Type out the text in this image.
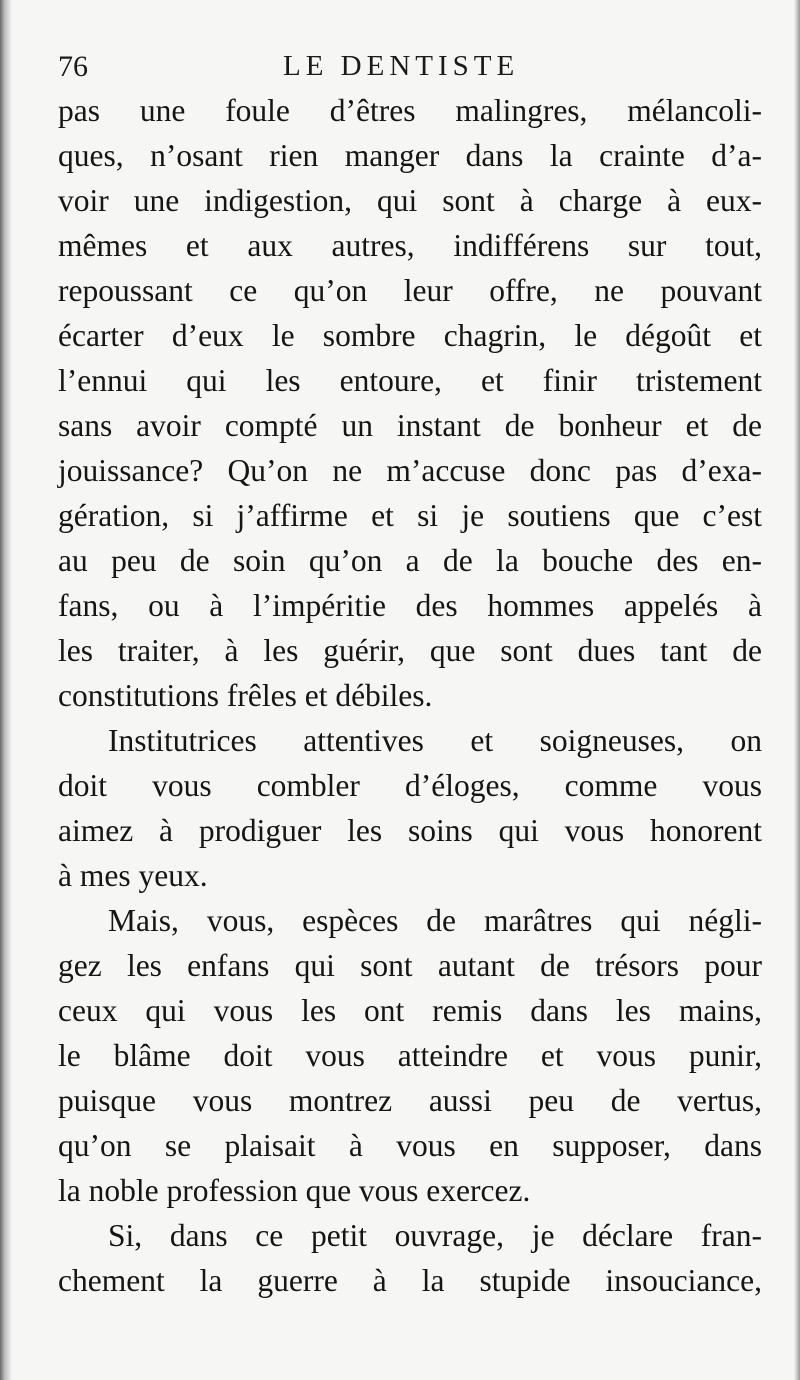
76	LE DENTISTE
pas une foule d’êtres malingres, mélancoli-
ques, n’osant rien manger dans la crainte d’a-
voir une indigestion, qui sont à charge à eux-
mêmes et aux autres, indifférens sur tout,
repoussant ce qu’on leur offre, ne pouvant
écarter d’eux le sombre chagrin, le dégoût et
l’ennui qui les entoure, et finir tristement
sans avoir compté un instant de bonheur et de
jouissance? Qu’on ne m’accuse donc pas d’exa-
gération, si j’affirme et si je soutiens que c’est
au peu de soin qu’on a de la bouche des en-
fans, ou à l’impéritie des hommes appelés à
les traiter, à les guérir, que sont dues tant de
constitutions frêles et débiles.
Institutrices attentives et soigneuses, on
doit vous combler d’éloges, comme vous
aimez à prodiguer les soins qui vous honorent
à mes yeux.
Mais, vous, espèces de marâtres qui négli-
gez les enfans qui sont autant de trésors pour
ceux qui vous les ont remis dans les mains,
le blâme doit vous atteindre et vous punir,
puisque vous montrez aussi peu de vertus,
qu’on se plaisait à vous en supposer, dans
la noble profession que vous exercez.
Si, dans ce petit ouvrage, je déclare fran-
chement la guerre à la stupide insouciance,
